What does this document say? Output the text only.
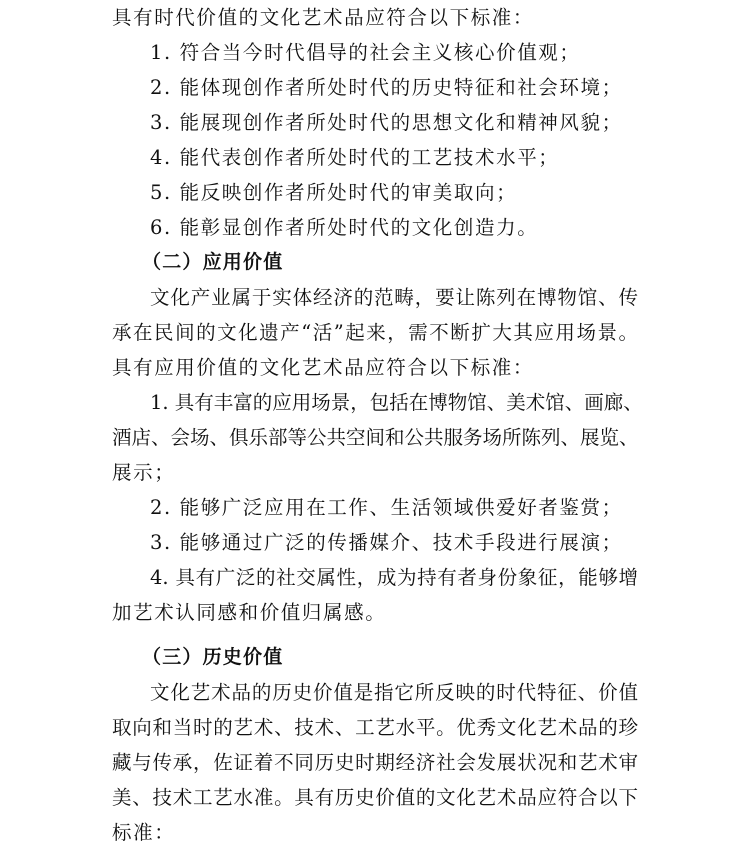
具有时代价值的文化艺术品应符合以下标准：
1. 符合当今时代倡导的社会主义核心价值观；
2. 能体现创作者所处时代的历史特征和社会环境；
3. 能展现创作者所处时代的思想文化和精神风貌；
4. 能代表创作者所处时代的工艺技术水平；
5. 能反映创作者所处时代的审美取向；
6. 能彰显创作者所处时代的文化创造力。
（二）应用价值
文化产业属于实体经济的范畴，要让陈列在博物馆、传
承在民间的文化遗产“活”起来，需不断扩大其应用场景。
具有应用价值的文化艺术品应符合以下标准：
1. 具有丰富的应用场景，包括在博物馆、美术馆、画廊、
酒店、会场、俱乐部等公共空间和公共服务场所陈列、展览、
展示；
2. 能够广泛应用在工作、生活领域供爱好者鉴赏；
3. 能够通过广泛的传播媒介、技术手段进行展演；
4. 具有广泛的社交属性，成为持有者身份象征，能够增
加艺术认同感和价值归属感。
（三）历史价值
文化艺术品的历史价值是指它所反映的时代特征、价值
取向和当时的艺术、技术、工艺水平。优秀文化艺术品的珍
藏与传承，佐证着不同历史时期经济社会发展状况和艺术审
美、技术工艺水准。具有历史价值的文化艺术品应符合以下
标准：
